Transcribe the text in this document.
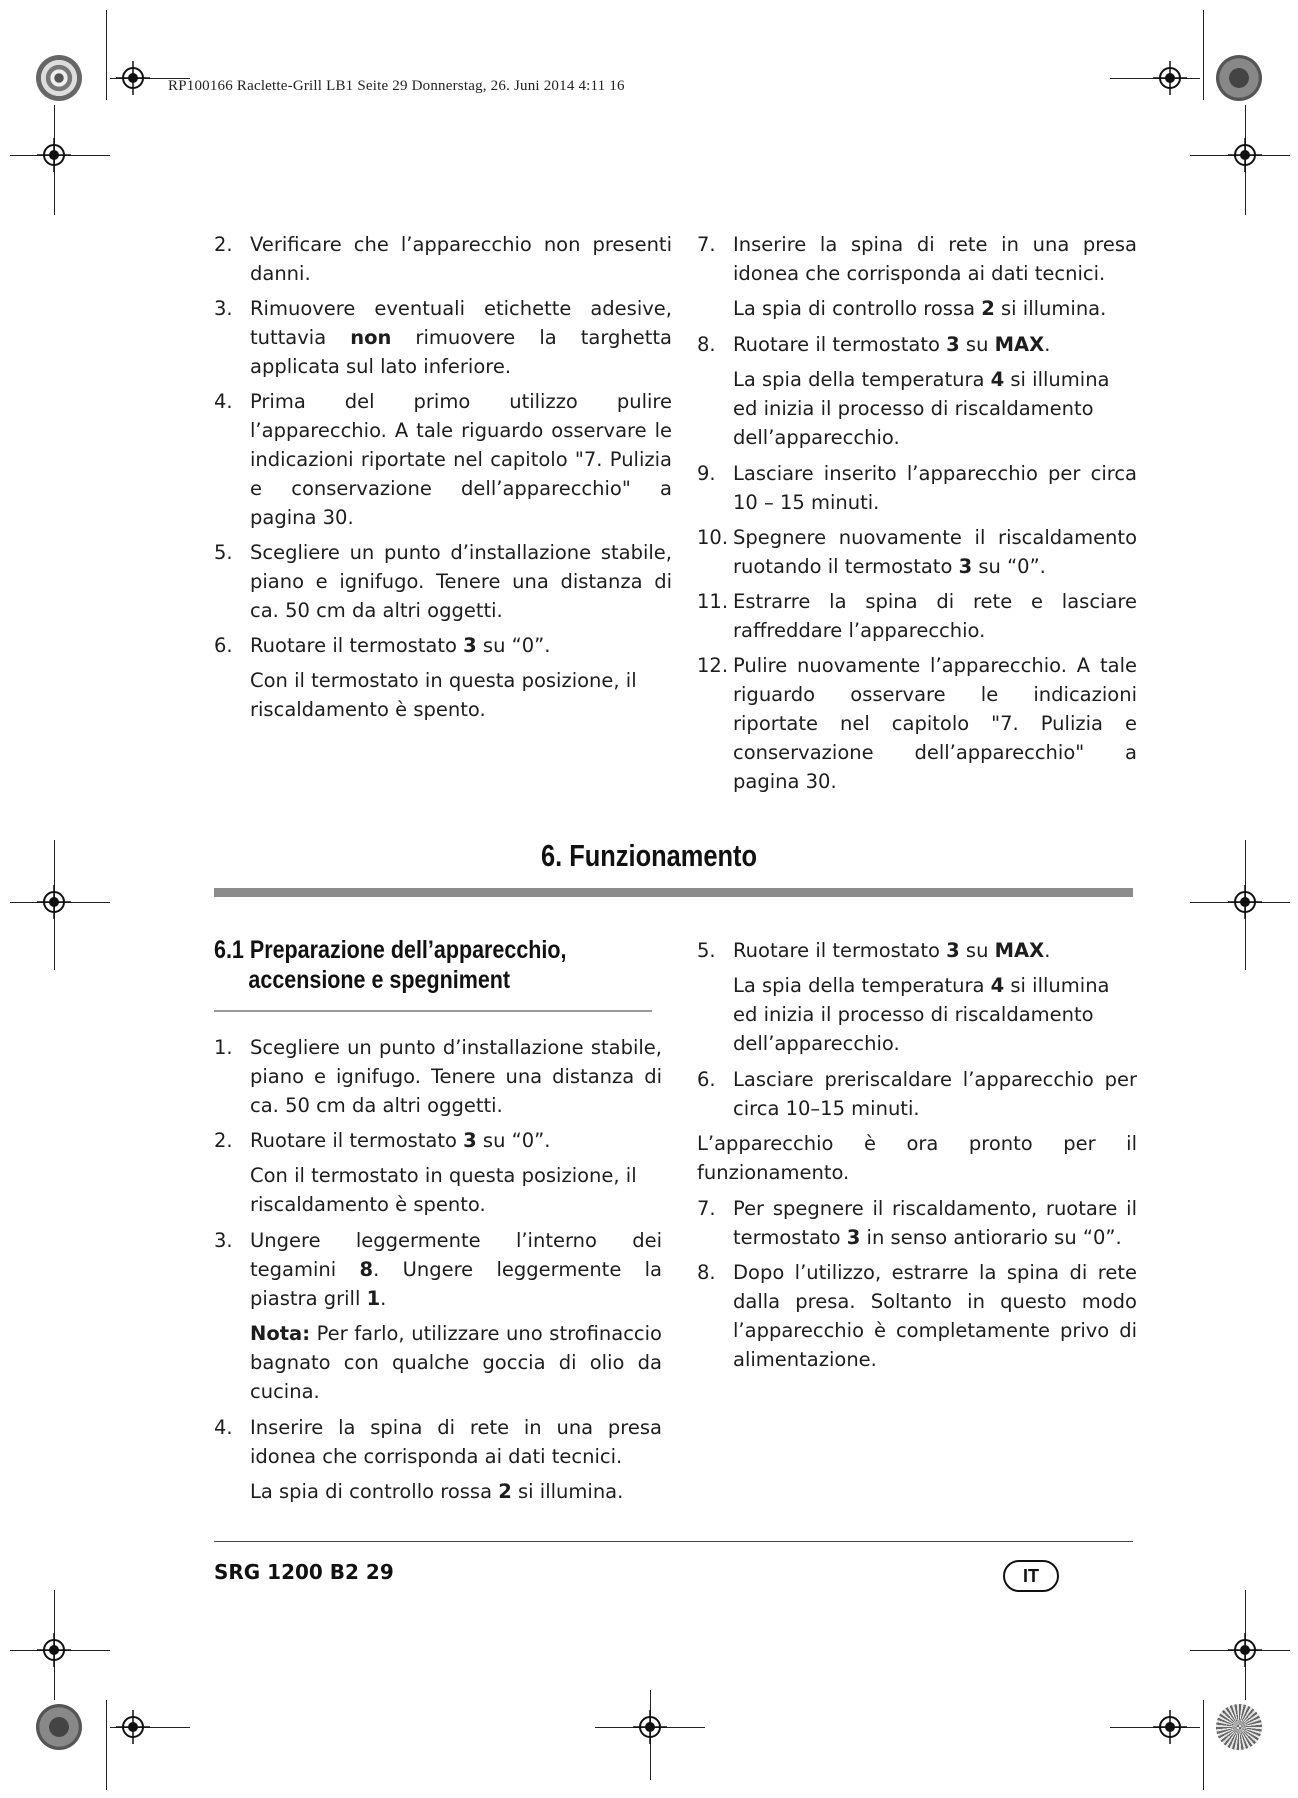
RP100166 Raclette-Grill LB1 Seite 29 Donnerstag, 26. Juni 2014 4:11 16
2. Verificare che l’apparecchio non presenti danni.
3. Rimuovere eventuali etichette adesive, tuttavia non rimuovere la targhetta applicata sul lato inferiore.
4. Prima del primo utilizzo pulire l’apparecchio. A tale riguardo osservare le indicazioni riportate nel capitolo "7. Pulizia e conservazione dell’apparecchio" a pagina 30.
5. Scegliere un punto d’installazione stabile, piano e ignifugo. Tenere una distanza di ca. 50 cm da altri oggetti.
6. Ruotare il termostato 3 su “0”.
Con il termostato in questa posizione, il riscaldamento è spento.
7. Inserire la spina di rete in una presa idonea che corrisponda ai dati tecnici.
La spia di controllo rossa 2 si illumina.
8. Ruotare il termostato 3 su MAX.
La spia della temperatura 4 si illumina ed inizia il processo di riscaldamento dell’apparecchio.
9. Lasciare inserito l’apparecchio per circa 10 – 15 minuti.
10. Spegnere nuovamente il riscaldamento ruotando il termostato 3 su “0”.
11. Estrarre la spina di rete e lasciare raffreddare l’apparecchio.
12. Pulire nuovamente l’apparecchio. A tale riguardo osservare le indicazioni riportate nel capitolo "7. Pulizia e conservazione dell’apparecchio" a pagina 30.
6. Funzionamento
6.1 Preparazione dell’apparecchio,
accensione e spegniment
1. Scegliere un punto d’installazione stabile, piano e ignifugo. Tenere una distanza di ca. 50 cm da altri oggetti.
2. Ruotare il termostato 3 su “0”.
Con il termostato in questa posizione, il riscaldamento è spento.
3. Ungere leggermente l’interno dei tegamini 8. Ungere leggermente la piastra grill 1.
Nota: Per farlo, utilizzare uno strofinaccio bagnato con qualche goccia di olio da cucina.
4. Inserire la spina di rete in una presa idonea che corrisponda ai dati tecnici.
La spia di controllo rossa 2 si illumina.
5. Ruotare il termostato 3 su MAX.
La spia della temperatura 4 si illumina ed inizia il processo di riscaldamento dell’apparecchio.
6. Lasciare preriscaldare l’apparecchio per circa 10–15 minuti.
L’apparecchio è ora pronto per il funzionamento.
7. Per spegnere il riscaldamento, ruotare il termostato 3 in senso antiorario su “0”.
8. Dopo l’utilizzo, estrarre la spina di rete dalla presa. Soltanto in questo modo l’apparecchio è completamente privo di alimentazione.
SRG 1200 B2 29	IT
